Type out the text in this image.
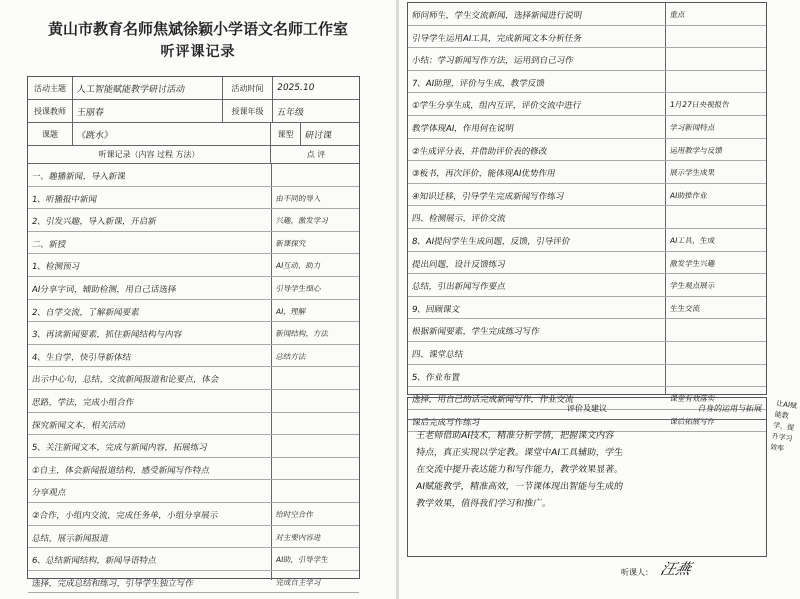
黄山市教育名师焦斌徐颖小学语文名师工作室
听评课记录
活动主题	人工智能赋能教学研讨活动	活动时间	2025.10
授课教师	王丽春	授课年级	五年级
课题	《跳水》	课型	研讨课
听课记录（内容 过程 方法）	点 评
一、趣播新闻，导入新课
1、听播报中新闻	由不同的导入
2、引发兴趣，导入新课，开启新	兴趣，激发学习
二、新授	新课探究
1、检测预习	AI互动，助力
AI分享字词，辅助检测，用自己话选择	引导学生细心
2、自学交流，了解新闻要素	AI，理解
3、再读新闻要素，抓住新闻结构与内容	新闻结构，方法
4、生自学，快引导新体结	总结方法
出示中心句，总结，交流新闻报道和论要点，体会
思路，学法，完成小组合作
探究新闻文本，相关活动
5、关注新闻文本，完成与新闻内容，拓展练习
①自主，体会新闻报道结构，感受新闻写作特点
分享观点
②合作，小组内交流，完成任务单，小组分享展示	给时空合作
总结，展示新闻报道	对主要内容进
6、总结新闻结构，新闻导语特点	AI助，引导学生
选择，完成总结和练习，引导学生独立写作	完成自主学习
师问师生，学生交流新闻，选择新闻进行说明	重点
引导学生运用AI工具，完成新闻文本分析任务
小结：学习新闻写作方法，运用到自己习作
7、AI助理，评价与生成，教学反馈
①学生分享生成，组内互评，评价交流中进行	1月27日央视报告
教学体现AI，作用何在说明	学习新闻特点
②生成评分表，并借助评价表的修改	运用教学与反馈
③板书，再次评价，能体现AI优势作用	展示学生成果
④知识迁移，引导学生完成新闻写作练习	AI助推作业
四、检测展示，评价交流
8、AI提问学生生成问题，反馈，引导评价	AI工具，生成
提出问题，设计反馈练习	激发学生兴趣
总结，引出新闻写作要点	学生观点展示
9、回顾课文	生生交流
根据新闻要素，学生完成练习写作
四、课堂总结
5、作业布置
选择，用自己的话完成新闻写作，作业交流	课堂有效落实
课后完成写作练习	课后拓展写作
评价及建议	自身的运用与拓展
王老师借助AI技术，精准分析学情，把握课文内容
特点，真正实现以学定教。课堂中AI工具辅助，学生
在交流中提升表达能力和写作能力，教学效果显著。
AI赋能教学，精准高效，一节课体现出智能与生成的
教学效果，值得我们学习和推广。
让AI赋能教学，提升学习效率
听课人： 汪燕
